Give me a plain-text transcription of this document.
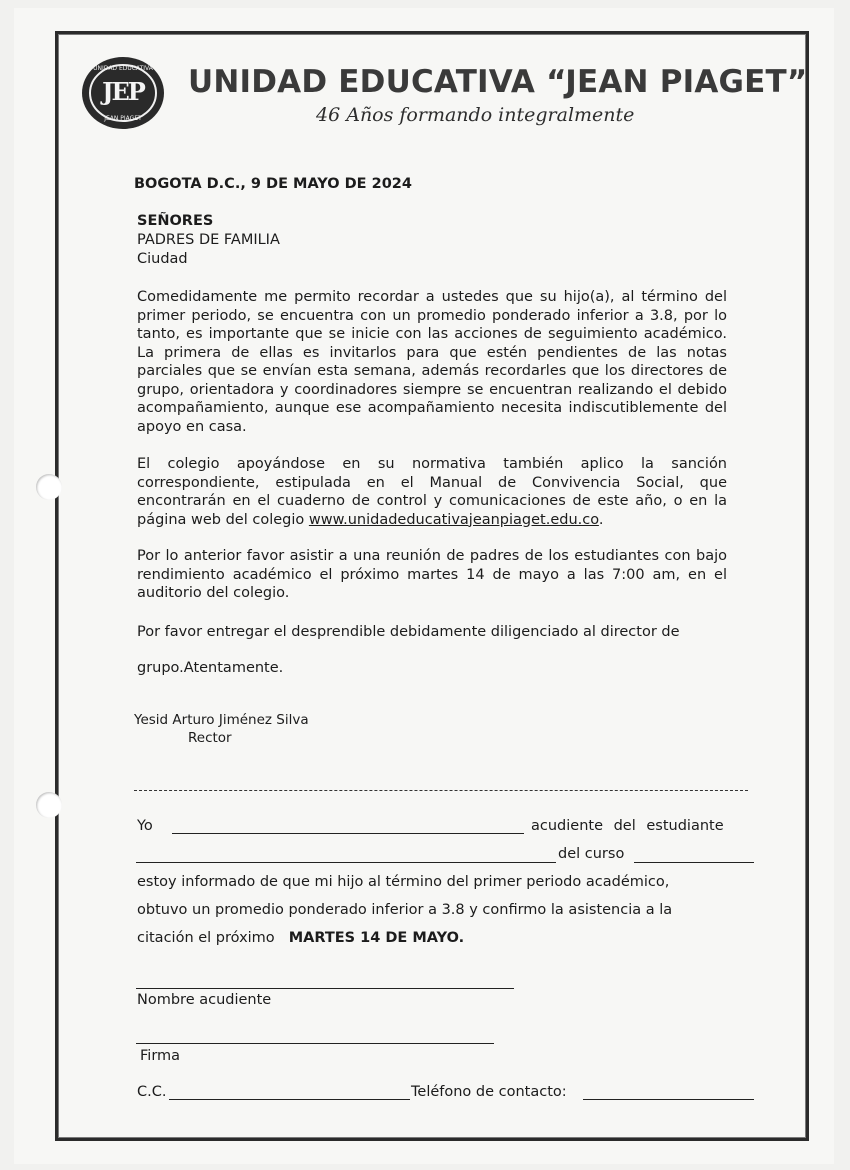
UNIDAD EDUCATIVA
JEP
JEAN PIAGET
UNIDAD EDUCATIVA “JEAN PIAGET”
46 Años formando integralmente
BOGOTA D.C., 9 DE MAYO DE 2024
SEÑORES
PADRES DE FAMILIA
Ciudad
Comedidamente me permito recordar a ustedes que su hijo(a), al término del primer periodo, se encuentra con un promedio ponderado inferior a 3.8, por lo tanto, es importante que se inicie con las acciones de seguimiento académico. La primera de ellas es invitarlos para que estén pendientes de las notas parciales que se envían esta semana, además recordarles que los directores de grupo, orientadora y coordinadores siempre se encuentran realizando el debido acompañamiento, aunque ese acompañamiento necesita indiscutiblemente del apoyo en casa.
El colegio apoyándose en su normativa también aplico la sanción correspondiente, estipulada en el Manual de Convivencia Social, que encontrarán en el cuaderno de control y comunicaciones de este año, o en la página web del colegio www.unidadeducativajeanpiaget.edu.co.
Por lo anterior favor asistir a una reunión de padres de los estudiantes con bajo rendimiento académico el próximo martes 14 de mayo a las 7:00 am, en el auditorio del colegio.
Por favor entregar el desprendible debidamente diligenciado al director de
grupo.Atentamente.
Yesid Arturo Jiménez Silva
Rector
Yo	acudiente del estudiante
del curso
estoy informado de que mi hijo al término del primer periodo académico,
obtuvo un promedio ponderado inferior a 3.8 y confirmo la asistencia a la
citación el próximo MARTES 14 DE MAYO.
Nombre acudiente
Firma
C.C.	Teléfono de contacto:
